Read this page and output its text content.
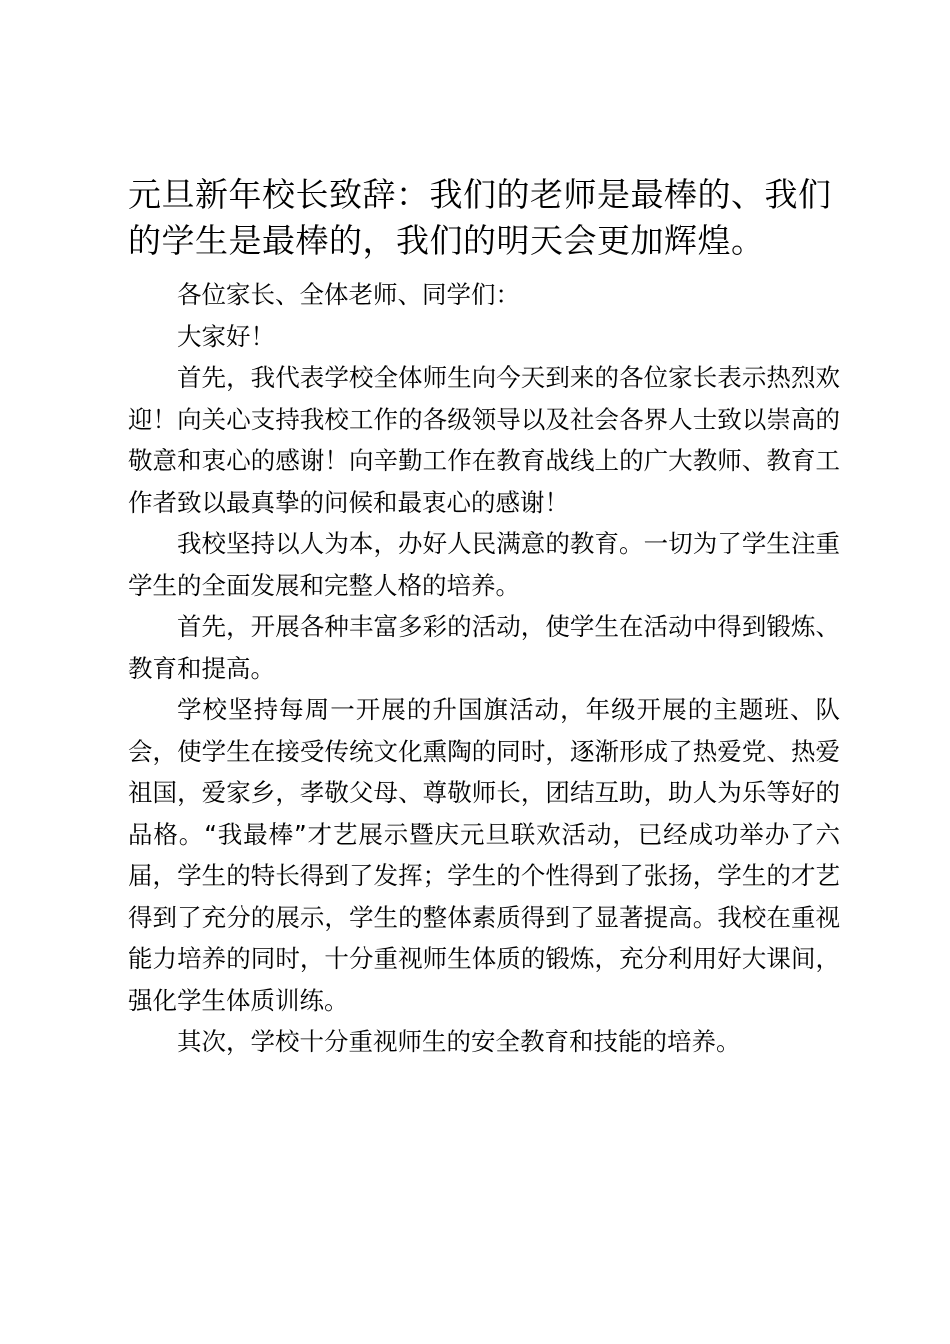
元旦新年校长致辞：我们的老师是最棒的、我们的学生是最棒的，我们的明天会更加辉煌。

各位家长、全体老师、同学们：

大家好！

首先，我代表学校全体师生向今天到来的各位家长表示热烈欢迎！向关心支持我校工作的各级领导以及社会各界人士致以崇高的敬意和衷心的感谢！向辛勤工作在教育战线上的广大教师、教育工作者致以最真挚的问候和最衷心的感谢！

我校坚持以人为本，办好人民满意的教育。一切为了学生注重学生的全面发展和完整人格的培养。

首先，开展各种丰富多彩的活动，使学生在活动中得到锻炼、教育和提高。

学校坚持每周一开展的升国旗活动，年级开展的主题班、队会，使学生在接受传统文化熏陶的同时，逐渐形成了热爱党、热爱祖国，爱家乡，孝敬父母、尊敬师长，团结互助，助人为乐等好的品格。“我最棒”才艺展示暨庆元旦联欢活动，已经成功举办了六届，学生的特长得到了发挥；学生的个性得到了张扬，学生的才艺得到了充分的展示，学生的整体素质得到了显著提高。我校在重视能力培养的同时，十分重视师生体质的锻炼，充分利用好大课间，强化学生体质训练。

其次，学校十分重视师生的安全教育和技能的培养。
